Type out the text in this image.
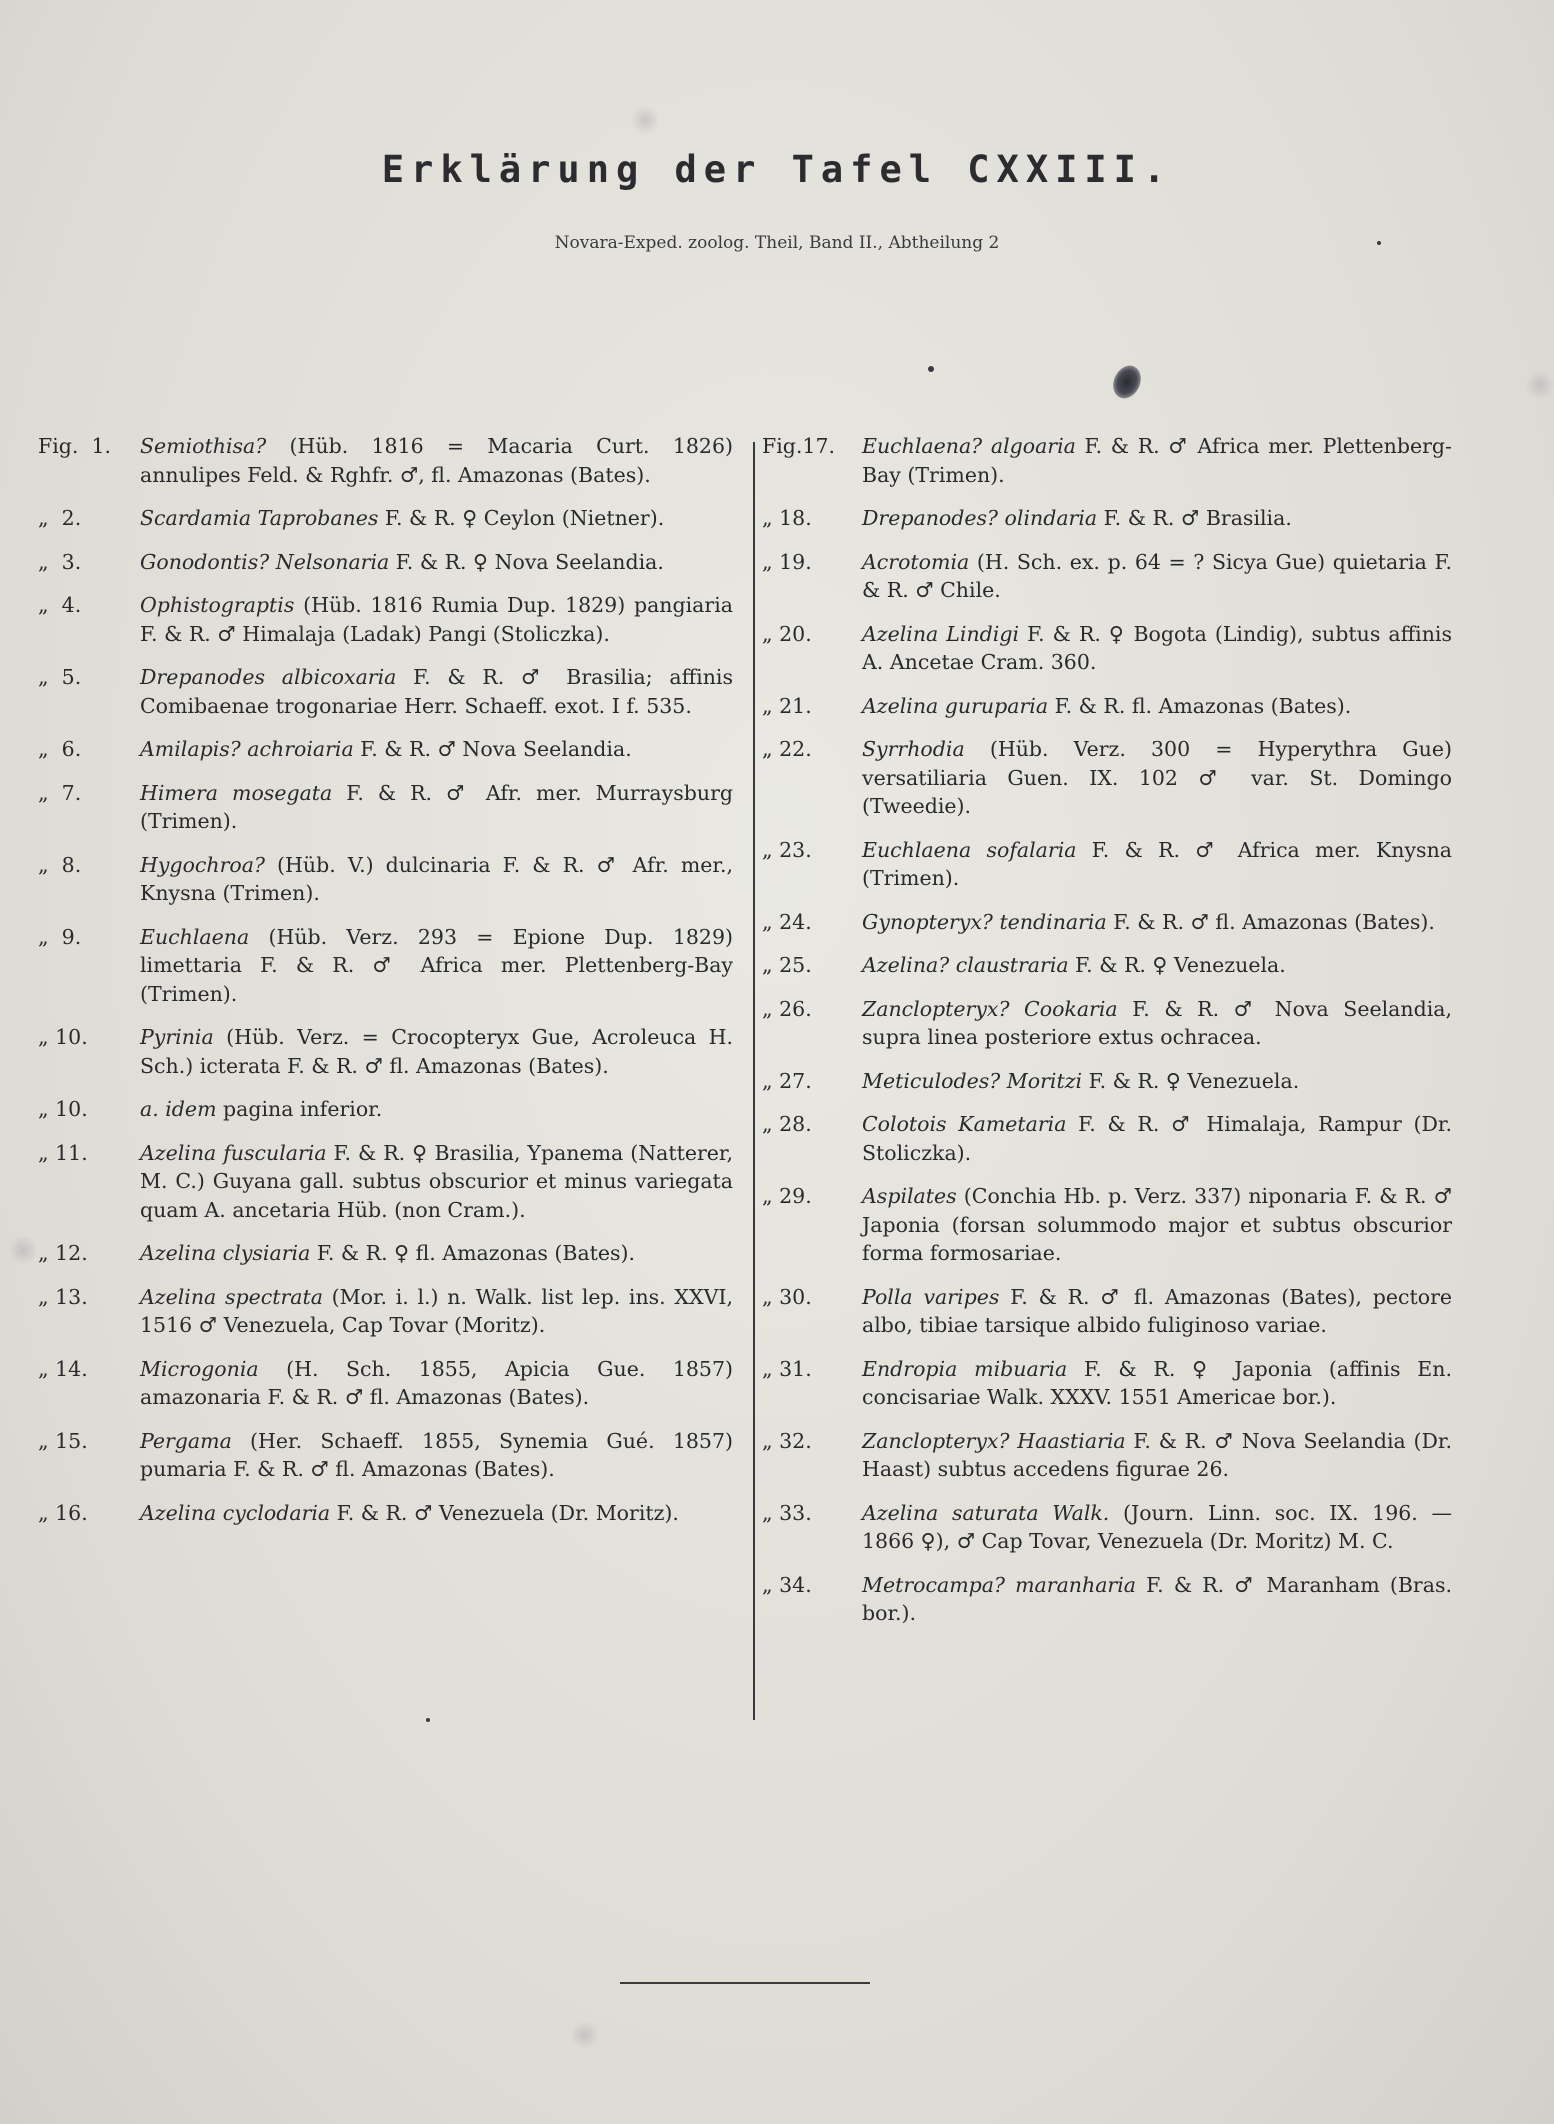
Erklärung der Tafel CXXIII.
Novara-Exped. zoolog. Theil, Band II., Abtheilung 2
Fig.  1.	Semiothisa? (Hüb. 1816 = Macaria Curt. 1826) annulipes Feld. & Rghfr. ♂, fl. Amazonas (Bates).
„  2.	Scardamia Taprobanes F. & R. ♀ Ceylon (Nietner).
„  3.	Gonodontis? Nelsonaria F. & R. ♀ Nova Seelandia.
„  4.	Ophistograptis (Hüb. 1816 Rumia Dup. 1829) pangiaria F. & R. ♂ Himalaja (Ladak) Pangi (Stoliczka).
„  5.	Drepanodes albicoxaria F. & R. ♂ Brasilia; affinis Comibaenae trogonariae Herr. Schaeff. exot. I f. 535.
„  6.	Amilapis? achroiaria F. & R. ♂ Nova Seelandia.
„  7.	Himera mosegata F. & R. ♂ Afr. mer. Murraysburg (Trimen).
„  8.	Hygochroa? (Hüb. V.) dulcinaria F. & R. ♂ Afr. mer., Knysna (Trimen).
„  9.	Euchlaena (Hüb. Verz. 293 = Epione Dup. 1829) limettaria F. & R. ♂ Africa mer. Plettenberg-Bay (Trimen).
„ 10.	Pyrinia (Hüb. Verz. = Crocopteryx Gue, Acroleuca H. Sch.) icterata F. & R. ♂ fl. Amazonas (Bates).
„ 10.	a. idem pagina inferior.
„ 11.	Azelina fuscularia F. & R. ♀ Brasilia, Ypanema (Natterer, M. C.) Guyana gall. subtus obscurior et minus variegata quam A. ancetaria Hüb. (non Cram.).
„ 12.	Azelina clysiaria F. & R. ♀ fl. Amazonas (Bates).
„ 13.	Azelina spectrata (Mor. i. l.) n. Walk. list lep. ins. XXVI, 1516 ♂ Venezuela, Cap Tovar (Moritz).
„ 14.	Microgonia (H. Sch. 1855, Apicia Gue. 1857) amazonaria F. & R. ♂ fl. Amazonas (Bates).
„ 15.	Pergama (Her. Schaeff. 1855, Synemia Gué. 1857) pumaria F. & R. ♂ fl. Amazonas (Bates).
„ 16.	Azelina cyclodaria F. & R. ♂ Venezuela (Dr. Moritz).
Fig.17.	Euchlaena? algoaria F. & R. ♂ Africa mer. Plettenberg-Bay (Trimen).
„ 18.	Drepanodes? olindaria F. & R. ♂ Brasilia.
„ 19.	Acrotomia (H. Sch. ex. p. 64 = ? Sicya Gue) quietaria F. & R. ♂ Chile.
„ 20.	Azelina Lindigi F. & R. ♀ Bogota (Lindig), subtus affinis A. Ancetae Cram. 360.
„ 21.	Azelina guruparia F. & R. fl. Amazonas (Bates).
„ 22.	Syrrhodia (Hüb. Verz. 300 = Hyperythra Gue) versatiliaria Guen. IX. 102 ♂ var. St. Domingo (Tweedie).
„ 23.	Euchlaena sofalaria F. & R. ♂ Africa mer. Knysna (Trimen).
„ 24.	Gynopteryx? tendinaria F. & R. ♂ fl. Amazonas (Bates).
„ 25.	Azelina? claustraria F. & R. ♀ Venezuela.
„ 26.	Zanclopteryx? Cookaria F. & R. ♂ Nova Seelandia, supra linea posteriore extus ochracea.
„ 27.	Meticulodes? Moritzi F. & R. ♀ Venezuela.
„ 28.	Colotois Kametaria F. & R. ♂ Himalaja, Rampur (Dr. Stoliczka).
„ 29.	Aspilates (Conchia Hb. p. Verz. 337) niponaria F. & R. ♂ Japonia (forsan solummodo major et subtus obscurior forma formosariae.
„ 30.	Polla varipes F. & R. ♂ fl. Amazonas (Bates), pectore albo, tibiae tarsique albido fuliginoso variae.
„ 31.	Endropia mibuaria F. & R. ♀ Japonia (affinis En. concisariae Walk. XXXV. 1551 Americae bor.).
„ 32.	Zanclopteryx? Haastiaria F. & R. ♂ Nova Seelandia (Dr. Haast) subtus accedens figurae 26.
„ 33.	Azelina saturata Walk. (Journ. Linn. soc. IX. 196. — 1866 ♀), ♂ Cap Tovar, Venezuela (Dr. Moritz) M. C.
„ 34.	Metrocampa? maranharia F. & R. ♂ Maranham (Bras. bor.).
